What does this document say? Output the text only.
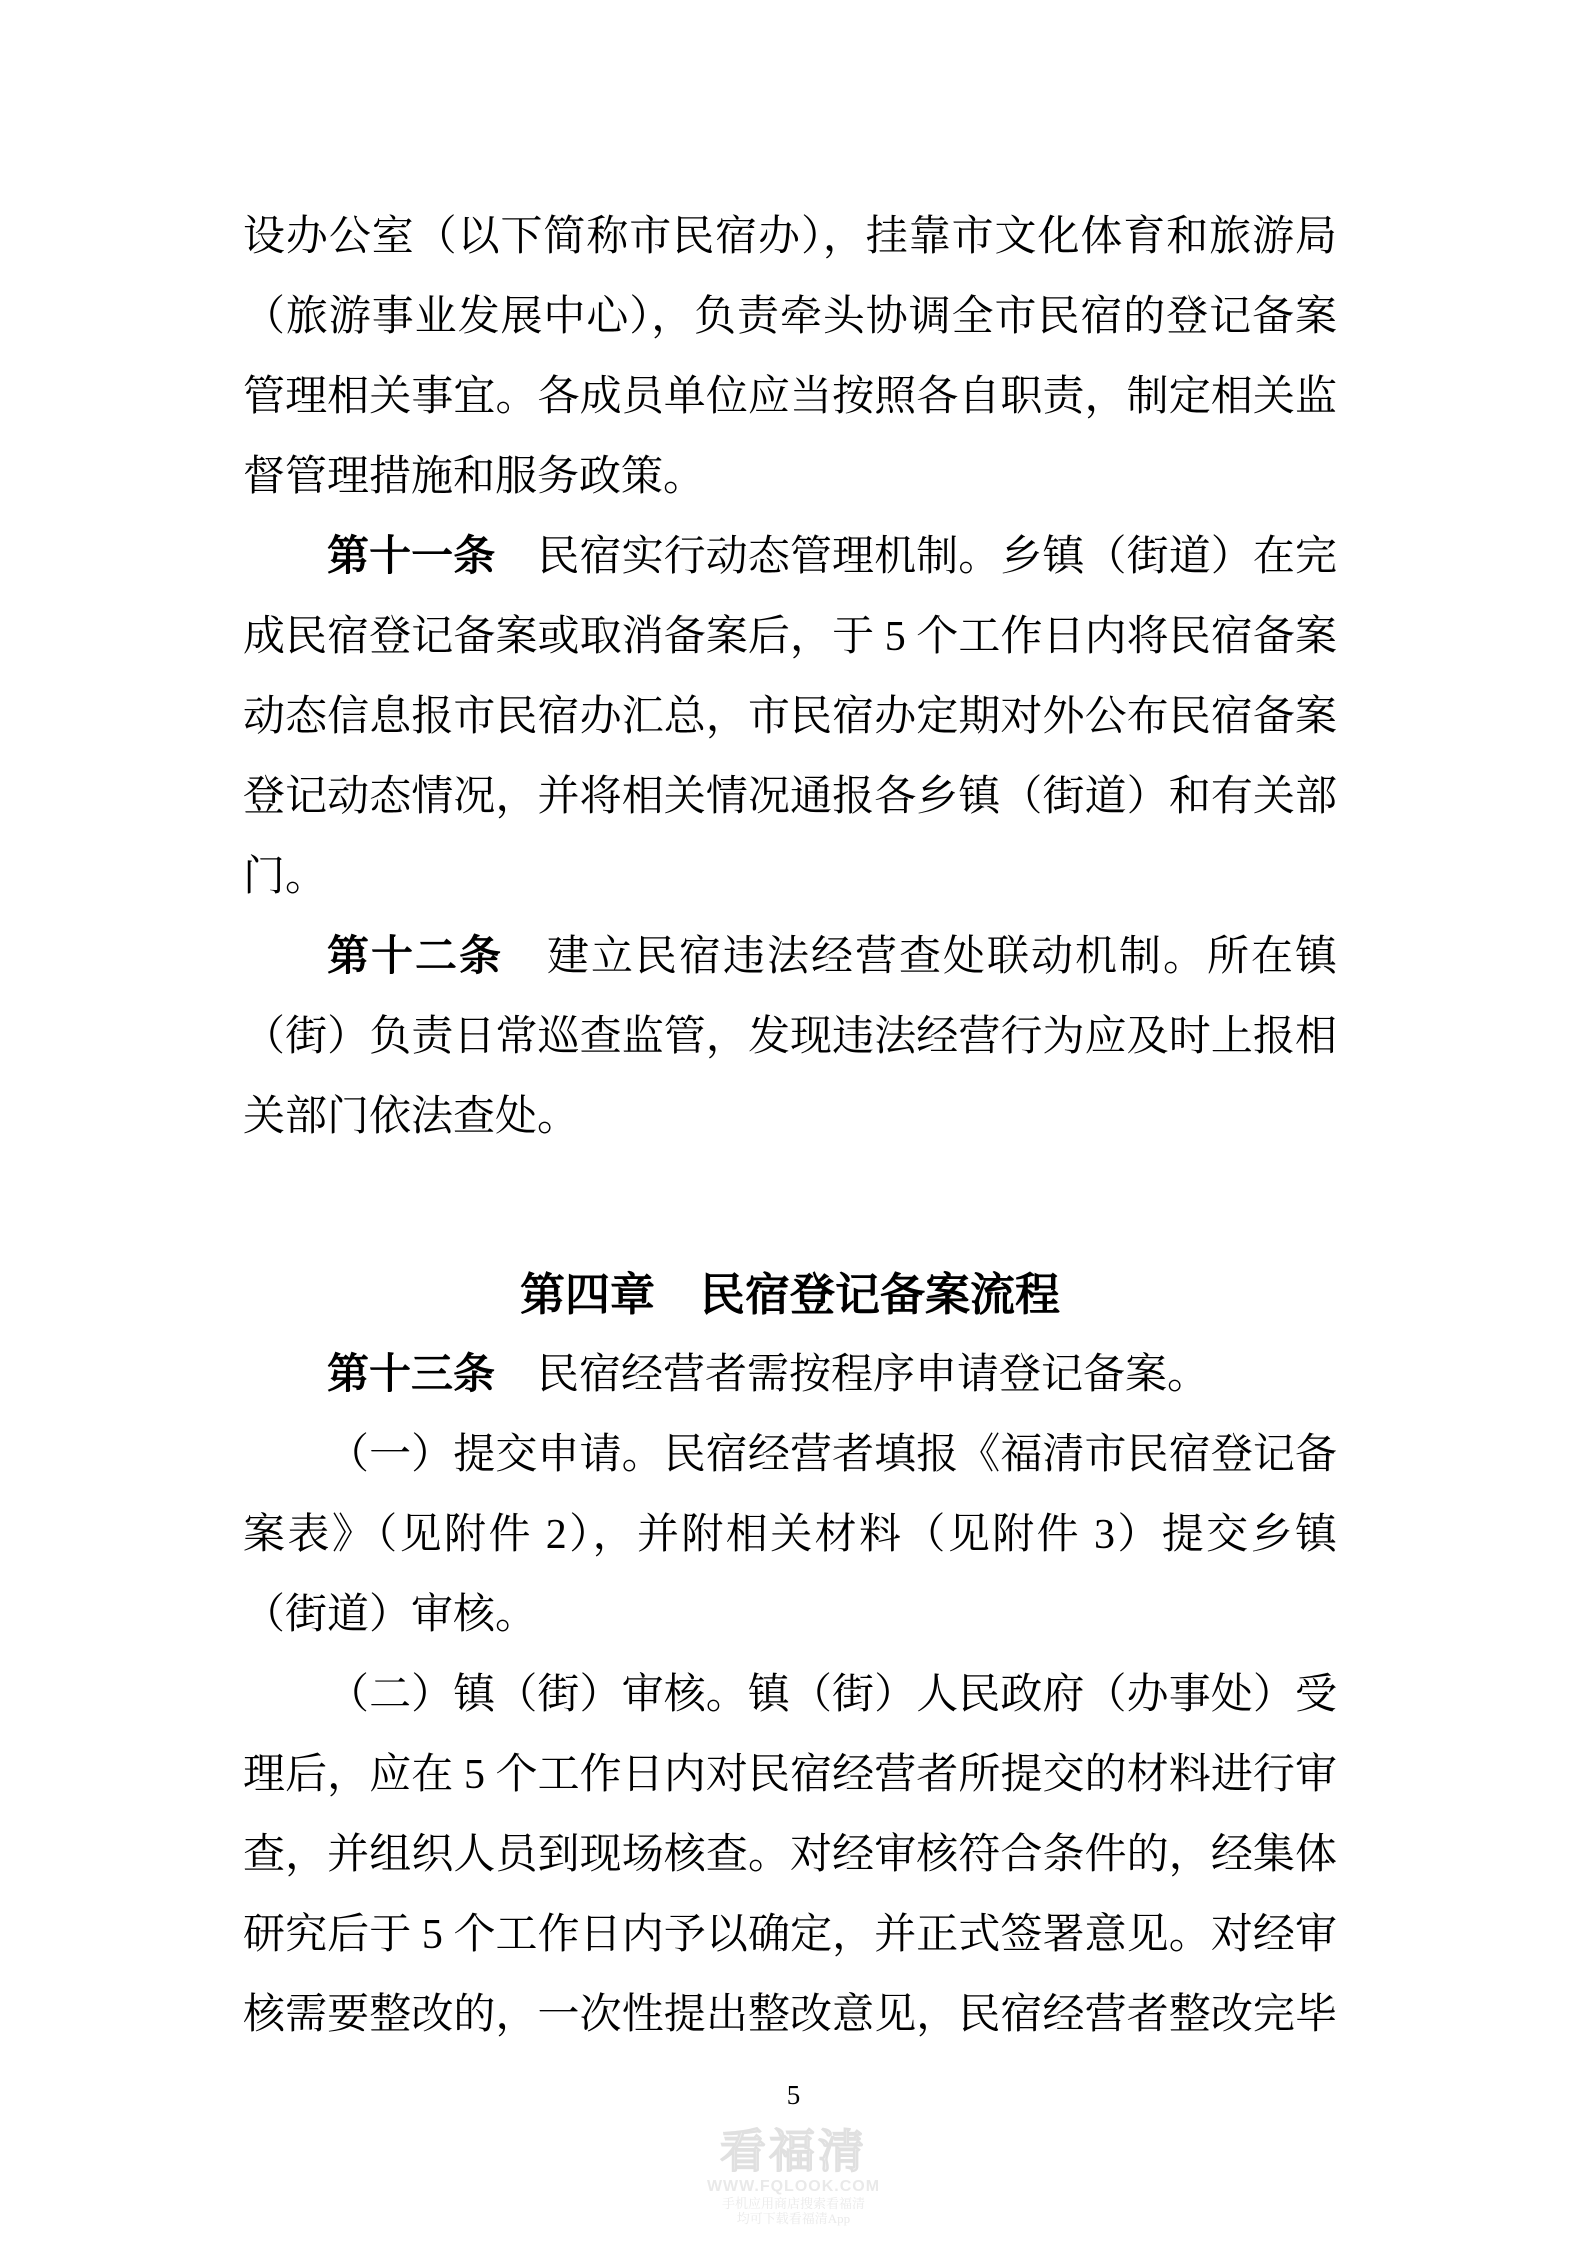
设办公室（以下简称市民宿办），挂靠市文化体育和旅游局
（旅游事业发展中心），负责牵头协调全市民宿的登记备案
管理相关事宜。各成员单位应当按照各自职责，制定相关监
督管理措施和服务政策。
第十一条　民宿实行动态管理机制。乡镇（街道）在完
成民宿登记备案或取消备案后，于 5 个工作日内将民宿备案
动态信息报市民宿办汇总，市民宿办定期对外公布民宿备案
登记动态情况，并将相关情况通报各乡镇（街道）和有关部
门。
第十二条　建立民宿违法经营查处联动机制。所在镇
（街）负责日常巡查监管，发现违法经营行为应及时上报相
关部门依法查处。
第四章　民宿登记备案流程
第十三条　民宿经营者需按程序申请登记备案。
（一）提交申请。民宿经营者填报《福清市民宿登记备
案表》（见附件 2），并附相关材料（见附件 3）提交乡镇
（街道）审核。
（二）镇（街）审核。镇（街）人民政府（办事处）受
理后，应在 5 个工作日内对民宿经营者所提交的材料进行审
查，并组织人员到现场核查。对经审核符合条件的，经集体
研究后于 5 个工作日内予以确定，并正式签署意见。对经审
核需要整改的，一次性提出整改意见，民宿经营者整改完毕
5
看福清
WWW.FQLOOK.COM
手机应用商店搜索看福清
均可下载看福清App
